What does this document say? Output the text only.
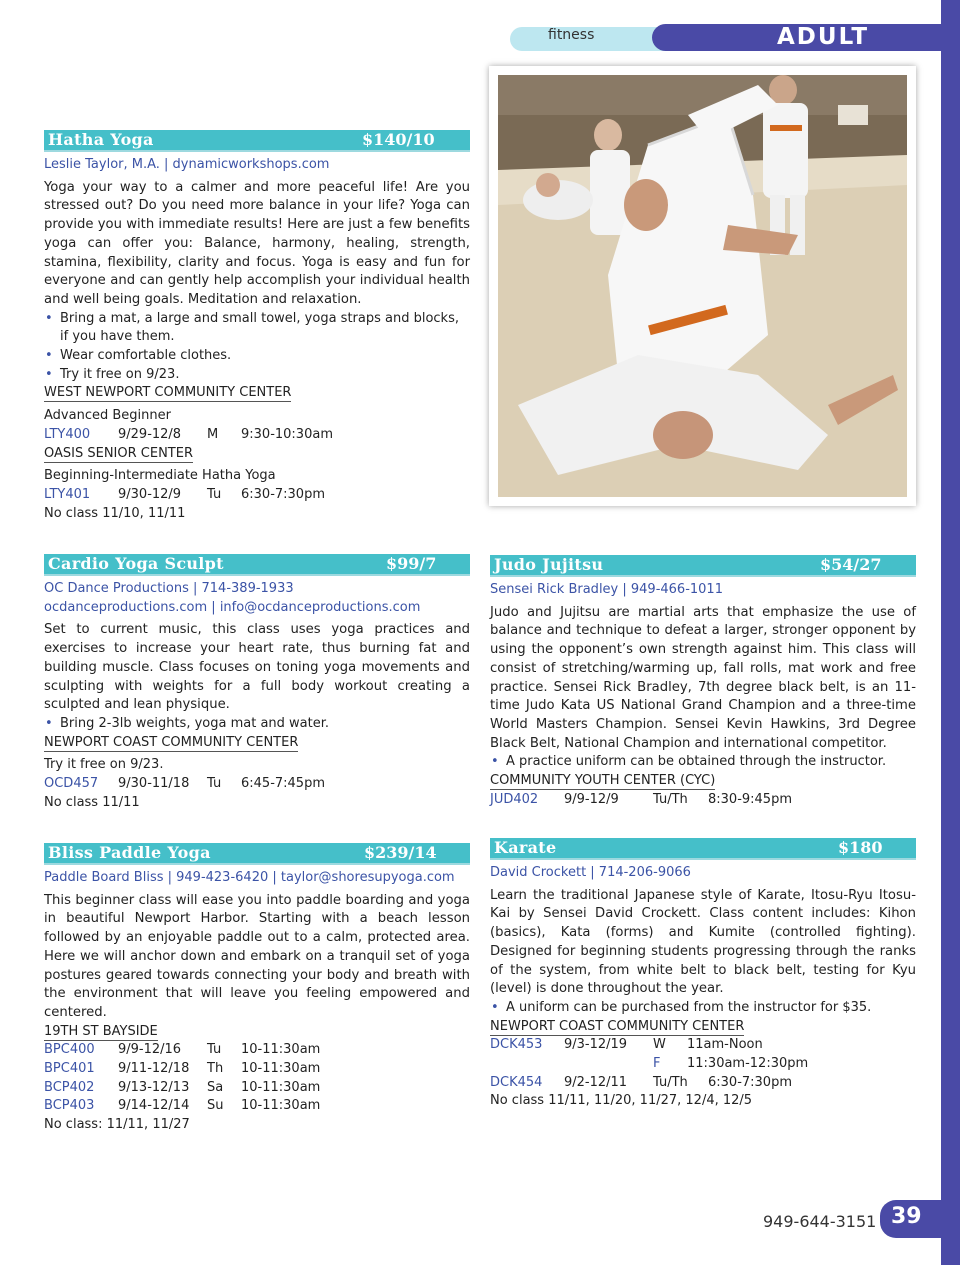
fitness	ADULT
Hatha Yoga	$140/10
Leslie Taylor, M.A. | dynamicworkshops.com
Yoga your way to a calmer and more peaceful life! Are you stressed out? Do you need more balance in your life? Yoga can provide you with immediate results! Here are just a few benefits yoga can offer you: Balance, harmony, healing, strength, stamina, flexibility, clarity and focus. Yoga is easy and fun for everyone and can gently help accomplish your individual health and well being goals. Meditation and relaxation.
• Bring a mat, a large and small towel, yoga straps and blocks, if you have them.
• Wear comfortable clothes.
• Try it free on 9/23.
WEST NEWPORT COMMUNITY CENTER
Advanced Beginner
LTY400 9/29-12/8 M 9:30-10:30am
OASIS SENIOR CENTER
Beginning-Intermediate Hatha Yoga
LTY401 9/30-12/9 Tu 6:30-7:30pm
No class 11/10, 11/11
Cardio Yoga Sculpt	$99/7
OC Dance Productions | 714-389-1933
ocdanceproductions.com | info@ocdanceproductions.com
Set to current music, this class uses yoga practices and exercises to increase your heart rate, thus burning fat and building muscle. Class focuses on toning yoga movements and sculpting with weights for a full body workout creating a sculpted and lean physique.
• Bring 2-3lb weights, yoga mat and water.
NEWPORT COAST COMMUNITY CENTER
Try it free on 9/23.
OCD457 9/30-11/18 Tu 6:45-7:45pm
No class 11/11
Bliss Paddle Yoga	$239/14
Paddle Board Bliss | 949-423-6420 | taylor@shoresupyoga.com
This beginner class will ease you into paddle boarding and yoga in beautiful Newport Harbor. Starting with a beach lesson followed by an enjoyable paddle out to a calm, protected area. Here we will anchor down and embark on a tranquil set of yoga postures geared towards connecting your body and breath with the environment that will leave you feeling empowered and centered.
19TH ST BAYSIDE
BPC400 9/9-12/16 Tu 10-11:30am
BPC401 9/11-12/18 Th 10-11:30am
BCP402 9/13-12/13 Sa 10-11:30am
BCP403 9/14-12/14 Su 10-11:30am
No class: 11/11, 11/27
Judo Jujitsu	$54/27
Sensei Rick Bradley | 949-466-1011
Judo and Jujitsu are martial arts that emphasize the use of balance and technique to defeat a larger, stronger opponent by using the opponent’s own strength against him. This class will consist of stretching/warming up, fall rolls, mat work and free practice. Sensei Rick Bradley, 7th degree black belt, is an 11-time Judo Kata US National Grand Champion and a three-time World Masters Champion. Sensei Kevin Hawkins, 3rd Degree Black Belt, National Champion and international competitor.
• A practice uniform can be obtained through the instructor.
COMMUNITY YOUTH CENTER (CYC)
JUD402 9/9-12/9	Tu/Th 8:30-9:45pm
Karate	$180
David Crockett | 714-206-9066
Learn the traditional Japanese style of Karate, Itosu-Ryu Itosu-Kai by Sensei David Crockett. Class content includes: Kihon (basics), Kata (forms) and Kumite (controlled fighting). Designed for beginning students progressing through the ranks of the system, from white belt to black belt, testing for Kyu (level) is done throughout the year.
• A uniform can be purchased from the instructor for $35.
NEWPORT COAST COMMUNITY CENTER
DCK453 9/3-12/19 W 11am-Noon
F 11:30am-12:30pm
DCK454 9/2-12/11 Tu/Th 6:30-7:30pm
No class 11/11, 11/20, 11/27, 12/4, 12/5
949-644-3151 39
